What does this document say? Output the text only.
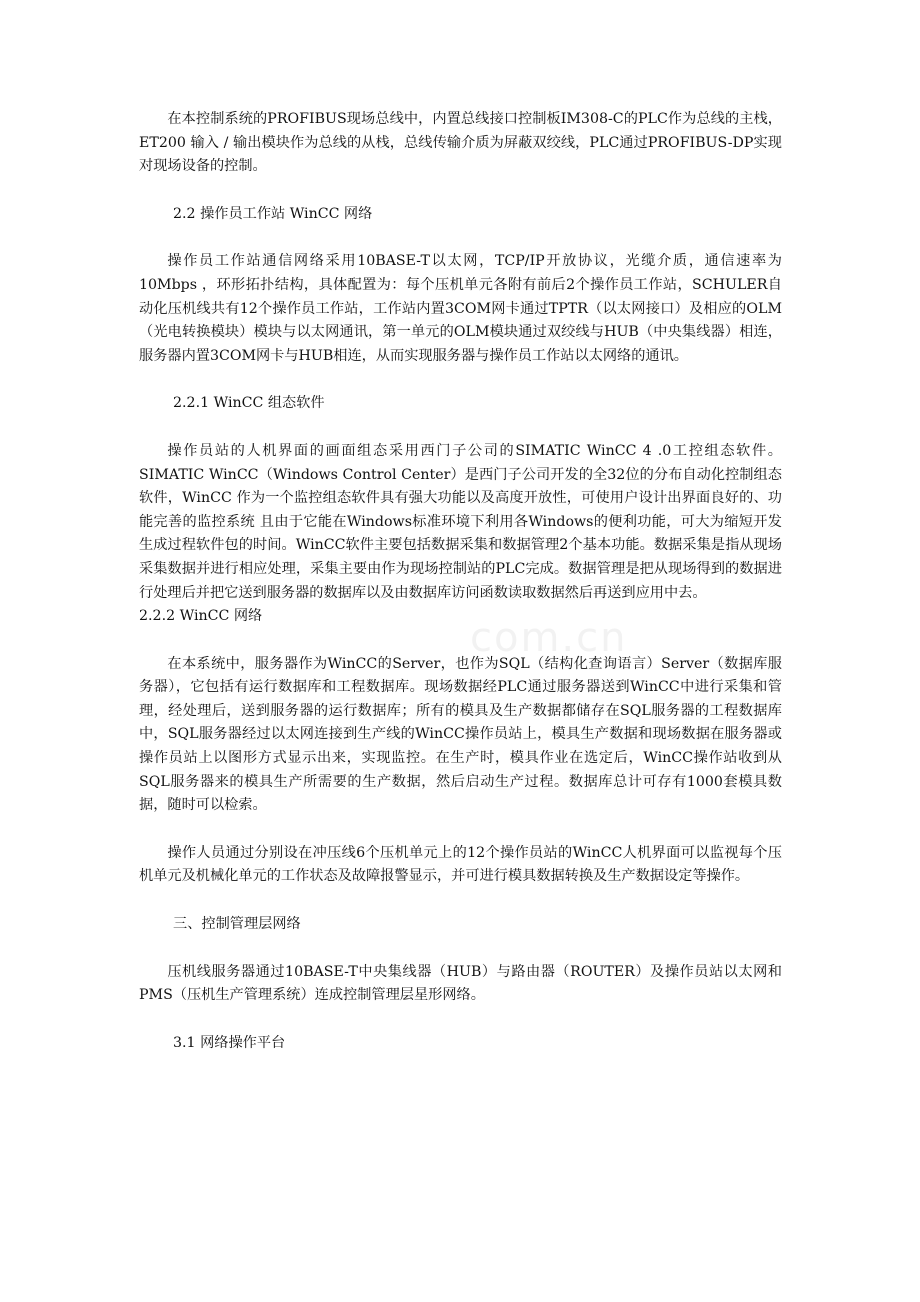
com.cn

在本控制系统的PROFIBUS现场总线中，内置总线接口控制板IM308-C的PLC作为总线的主栈，ET200 输入 / 输出模块作为总线的从栈，总线传输介质为屏蔽双绞线，PLC通过PROFIBUS-DP实现对现场设备的控制。

2.2 操作员工作站 WinCC 网络

操作员工作站通信网络采用10BASE-T以太网，TCP/IP开放协议，光缆介质，通信速率为10Mbps ，环形拓扑结构，具体配置为：每个压机单元各附有前后2个操作员工作站，SCHULER自动化压机线共有12个操作员工作站，工作站内置3COM网卡通过TPTR（以太网接口）及相应的OLM（光电转换模块）模块与以太网通讯，第一单元的OLM模块通过双绞线与HUB（中央集线器）相连，服务器内置3COM网卡与HUB相连，从而实现服务器与操作员工作站以太网络的通讯。

2.2.1 WinCC 组态软件

操作员站的人机界面的画面组态采用西门子公司的SIMATIC WinCC 4 .0工控组态软件。SIMATIC WinCC（Windows Control Center）是西门子公司开发的全32位的分布自动化控制组态软件，WinCC 作为一个监控组态软件具有强大功能以及高度开放性，可使用户设计出界面良好的、功能完善的监控系统 且由于它能在Windows标准环境下利用各Windows的便利功能，可大为缩短开发生成过程软件包的时间。WinCC软件主要包括数据采集和数据管理2个基本功能。数据采集是指从现场采集数据并进行相应处理，采集主要由作为现场控制站的PLC完成。数据管理是把从现场得到的数据进行处理后并把它送到服务器的数据库以及由数据库访问函数读取数据然后再送到应用中去。

2.2.2 WinCC 网络

在本系统中，服务器作为WinCC的Server，也作为SQL（结构化查询语言）Server（数据库服务器），它包括有运行数据库和工程数据库。现场数据经PLC通过服务器送到WinCC中进行采集和管理，经处理后，送到服务器的运行数据库；所有的模具及生产数据都储存在SQL服务器的工程数据库中，SQL服务器经过以太网连接到生产线的WinCC操作员站上，模具生产数据和现场数据在服务器或操作员站上以图形方式显示出来，实现监控。在生产时，模具作业在选定后，WinCC操作站收到从SQL服务器来的模具生产所需要的生产数据，然后启动生产过程。数据库总计可存有1000套模具数据，随时可以检索。

操作人员通过分别设在冲压线6个压机单元上的12个操作员站的WinCC人机界面可以监视每个压机单元及机械化单元的工作状态及故障报警显示，并可进行模具数据转换及生产数据设定等操作。

三、控制管理层网络

压机线服务器通过10BASE-T中央集线器（HUB）与路由器（ROUTER）及操作员站以太网和PMS（压机生产管理系统）连成控制管理层星形网络。

3.1 网络操作平台
